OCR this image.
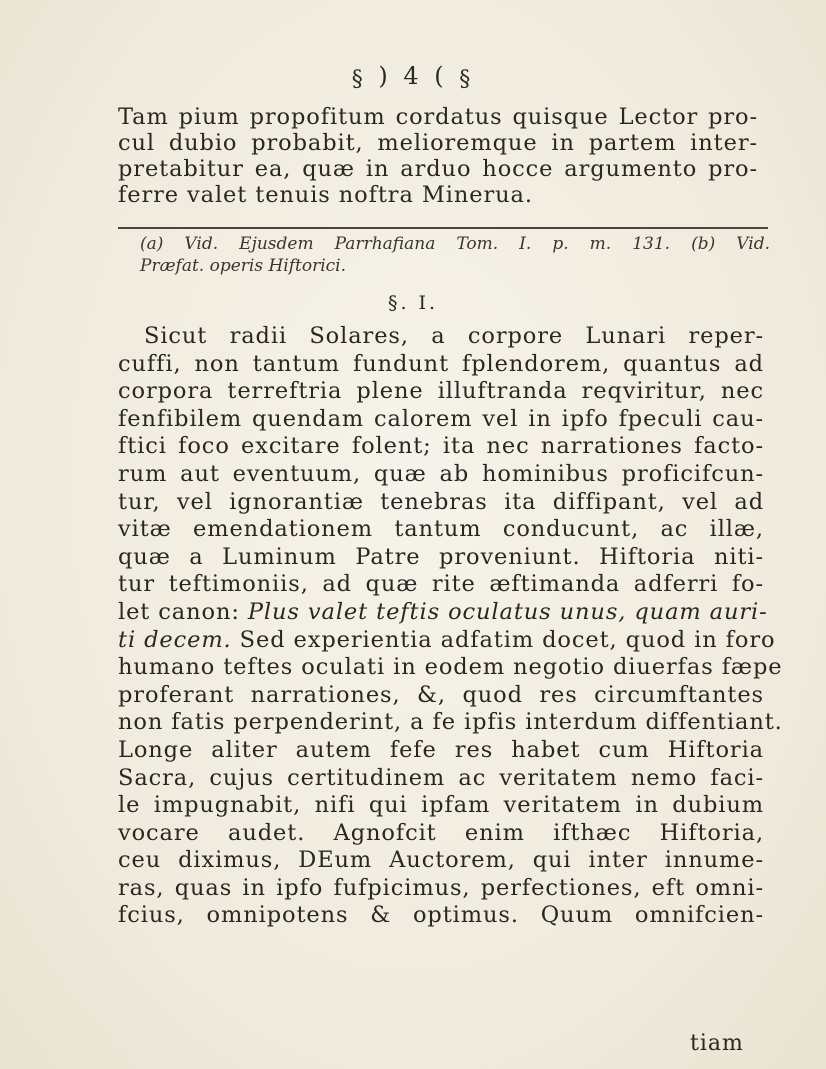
§ ) 4 ( §
Tam pium propofitum cordatus quisque Lector pro-
cul dubio probabit, melioremque in partem inter-
pretabitur ea, quæ in arduo hocce argumento pro-
ferre valet tenuis noftra Minerua.
(a) Vid. Ejusdem Parrhafiana Tom. I. p. m. 131. (b) Vid.
Præfat. operis Hiftorici.
§. I.
Sicut radii Solares, a corpore Lunari reper-
cuffi, non tantum fundunt fplendorem, quantus ad
corpora terreftria plene illuftranda reqviritur, nec
fenfibilem quendam calorem vel in ipfo fpeculi cau-
ftici foco excitare folent; ita nec narrationes facto-
rum aut eventuum, quæ ab hominibus proficifcun-
tur, vel ignorantiæ tenebras ita diffipant, vel ad
vitæ emendationem tantum conducunt, ac illæ,
quæ a Luminum Patre proveniunt. Hiftoria niti-
tur teftimoniis, ad quæ rite æftimanda adferri fo-
let canon: Plus valet teftis oculatus unus, quam auri-
ti decem. Sed experientia adfatim docet, quod in foro
humano teftes oculati in eodem negotio diuerfas fæpe
proferant narrationes, &, quod res circumftantes
non fatis perpenderint, a fe ipfis interdum diffentiant.
Longe aliter autem fefe res habet cum Hiftoria
Sacra, cujus certitudinem ac veritatem nemo faci-
le impugnabit, nifi qui ipfam veritatem in dubium
vocare audet. Agnofcit enim ifthæc Hiftoria,
ceu diximus, DEum Auctorem, qui inter innume-
ras, quas in ipfo fufpicimus, perfectiones, eft omni-
fcius, omnipotens & optimus. Quum omnifcien-
tiam
